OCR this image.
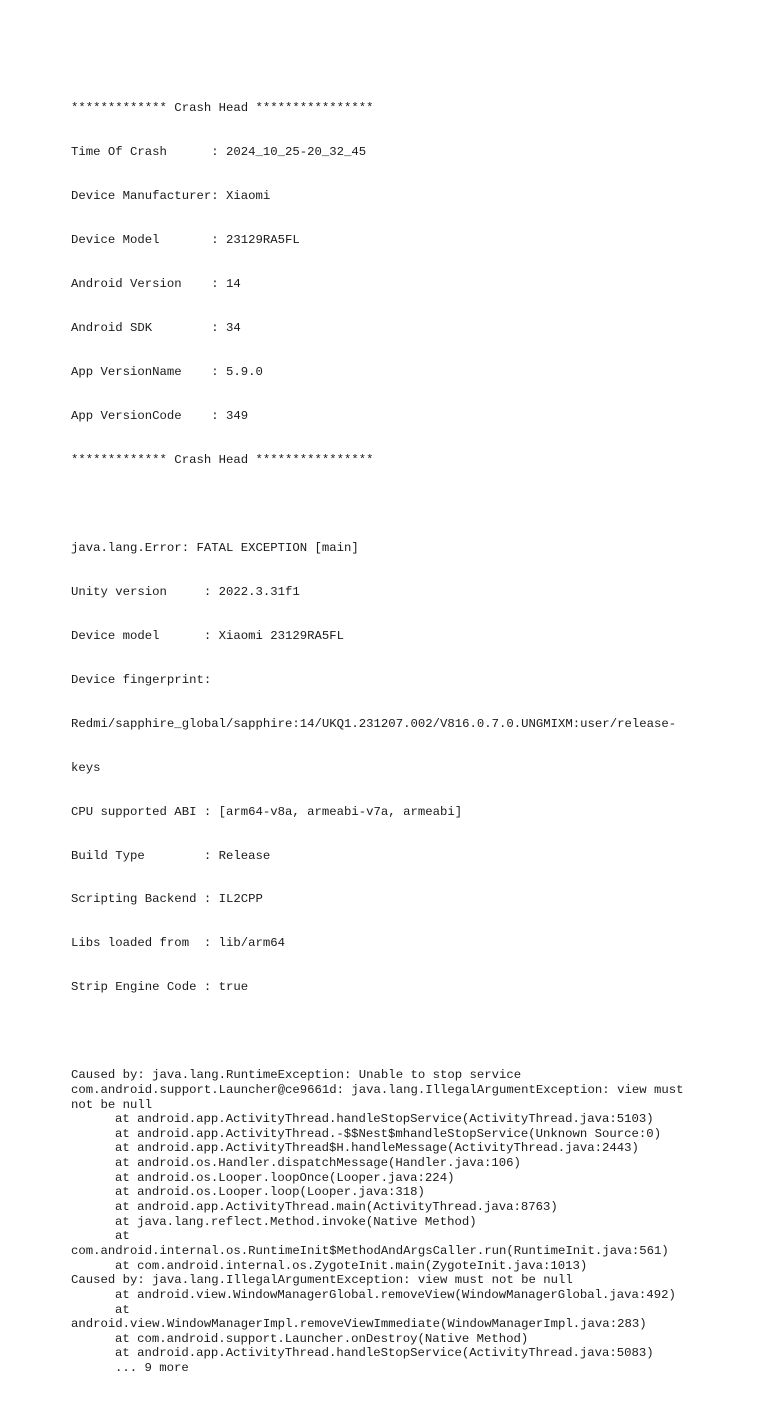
************* Crash Head ****************

Time Of Crash      : 2024_10_25-20_32_45

Device Manufacturer: Xiaomi

Device Model       : 23129RA5FL

Android Version    : 14

Android SDK        : 34

App VersionName    : 5.9.0

App VersionCode    : 349

************* Crash Head ****************

java.lang.Error: FATAL EXCEPTION [main]

Unity version     : 2022.3.31f1

Device model      : Xiaomi 23129RA5FL

Device fingerprint:

Redmi/sapphire_global/sapphire:14/UKQ1.231207.002/V816.0.7.0.UNGMIXM:user/release-

keys

CPU supported ABI : [arm64-v8a, armeabi-v7a, armeabi]

Build Type        : Release

Scripting Backend : IL2CPP

Libs loaded from  : lib/arm64

Strip Engine Code : true

Caused by: java.lang.RuntimeException: Unable to stop service
com.android.support.Launcher@ce9661d: java.lang.IllegalArgumentException: view must
not be null
at android.app.ActivityThread.handleStopService(ActivityThread.java:5103)
at android.app.ActivityThread.-$$Nest$mhandleStopService(Unknown Source:0)
at android.app.ActivityThread$H.handleMessage(ActivityThread.java:2443)
at android.os.Handler.dispatchMessage(Handler.java:106)
at android.os.Looper.loopOnce(Looper.java:224)
at android.os.Looper.loop(Looper.java:318)
at android.app.ActivityThread.main(ActivityThread.java:8763)
at java.lang.reflect.Method.invoke(Native Method)
at
com.android.internal.os.RuntimeInit$MethodAndArgsCaller.run(RuntimeInit.java:561)
at com.android.internal.os.ZygoteInit.main(ZygoteInit.java:1013)
Caused by: java.lang.IllegalArgumentException: view must not be null
at android.view.WindowManagerGlobal.removeView(WindowManagerGlobal.java:492)
at
android.view.WindowManagerImpl.removeViewImmediate(WindowManagerImpl.java:283)
at com.android.support.Launcher.onDestroy(Native Method)
at android.app.ActivityThread.handleStopService(ActivityThread.java:5083)
... 9 more
